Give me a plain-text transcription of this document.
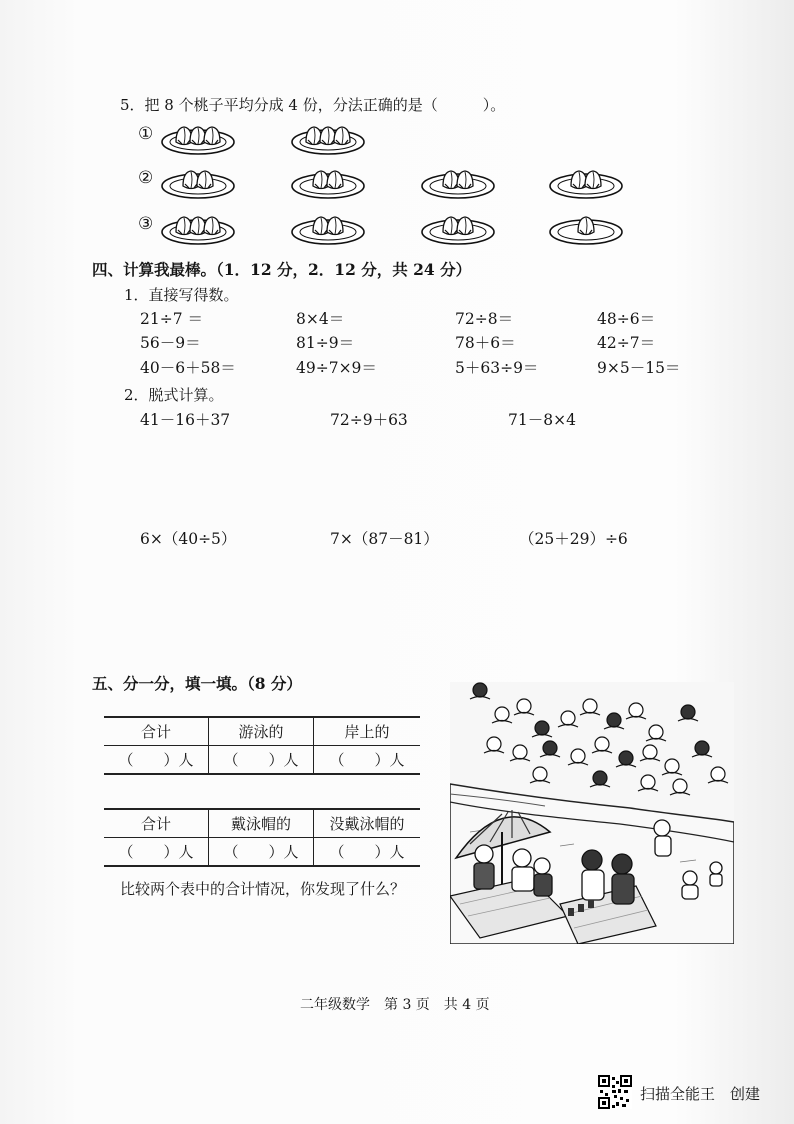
5．把 8 个桃子平均分成 4 份，分法正确的是（　　　）。
①
②
③
四、计算我最棒。（1．12 分，2．12 分，共 24 分）
1．直接写得数。
21÷7 ＝	8×4＝	72÷8＝	48÷6＝
56－9＝	81÷9＝	78＋6＝	42÷7＝
40－6＋58＝	49÷7×9＝	5＋63÷9＝	9×5－15＝
2．脱式计算。
41－16＋37	72÷9＋63	71－8×4
6×（40÷5）	7×（87－81）	（25＋29）÷6
五、分一分，填一填。（8 分）
合计	游泳的	岸上的
（　　）人	（　　）人	（　　）人
合计	戴泳帽的	没戴泳帽的
（　　）人	（　　）人	（　　）人
比较两个表中的合计情况，你发现了什么？
二年级数学　第 3 页　共 4 页
扫描全能王　创建
